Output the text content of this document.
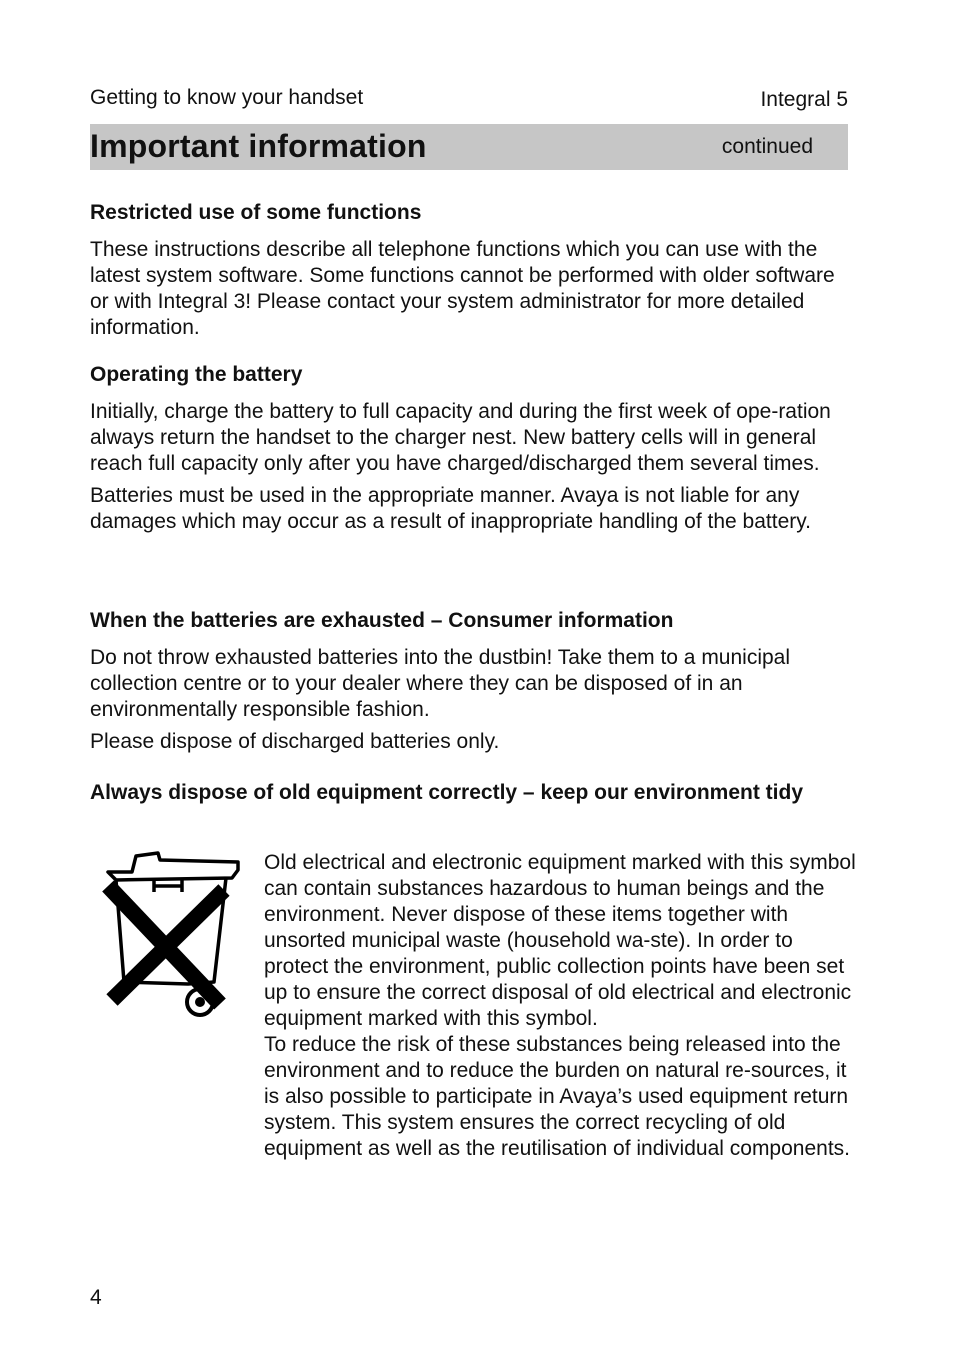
Getting to know your handset	Integral 5
Important information	continued
Restricted use of some functions

These instructions describe all telephone functions which you can use with the latest system software. Some functions cannot be performed with older software or with Integral 3! Please contact your system administrator for more detailed information.

Operating the battery

Initially, charge the battery to full capacity and during the first week of ope-ration always return the handset to the charger nest. New battery cells will in general reach full capacity only after you have charged/discharged them several times.

Batteries must be used in the appropriate manner. Avaya is not liable for any damages which may occur as a result of inappropriate handling of the battery.

When the batteries are exhausted – Consumer information

Do not throw exhausted batteries into the dustbin! Take them to a municipal collection centre or to your dealer where they can be disposed of in an environmentally responsible fashion.

Please dispose of discharged batteries only.

Always dispose of old equipment correctly – keep our environment tidy

Old electrical and electronic equipment marked with this symbol can contain substances hazardous to human beings and the environment. Never dispose of these items together with unsorted municipal waste (household wa-ste). In order to protect the environment, public collection points have been set up to ensure the correct disposal of old electrical and electronic equipment marked with this symbol.

To reduce the risk of these substances being released into the environment and to reduce the burden on natural re-sources, it is also possible to participate in Avaya’s used equipment return system. This system ensures the correct recycling of old equipment as well as the reutilisation of individual components.

4
